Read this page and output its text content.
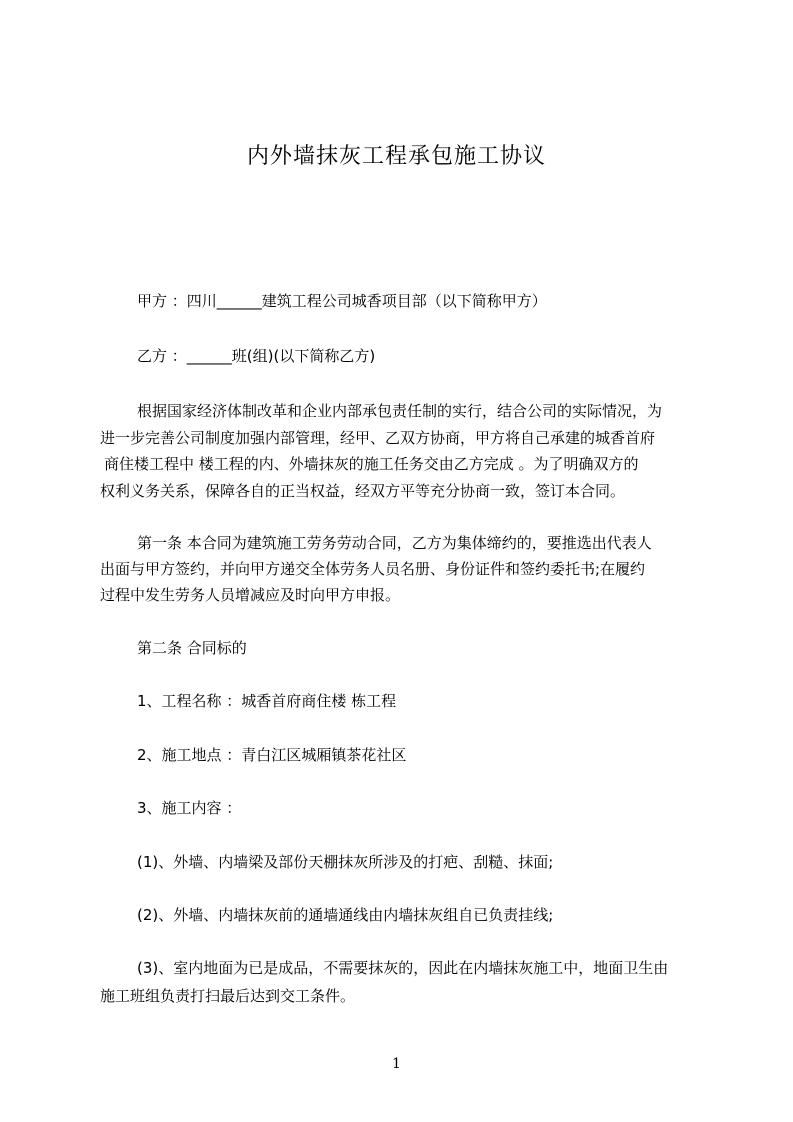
内外墙抹灰工程承包施工协议
甲方 ：四川______建筑工程公司城香项目部（以下简称甲方）
乙方 ：______班(组)(以下简称乙方)
根据国家经济体制改革和企业内部承包责任制的实行，结合公司的实际情况，为
进一步完善公司制度加强内部管理，经甲、乙双方协商，甲方将自己承建的城香首府
商住楼工程中 楼工程的内、外墙抹灰的施工任务交由乙方完成 。为了明确双方的
权利义务关系，保障各自的正当权益，经双方平等充分协商一致，签订本合同。
第一条 本合同为建筑施工劳务劳动合同，乙方为集体缔约的，要推选出代表人
出面与甲方签约，并向甲方递交全体劳务人员名册、身份证件和签约委托书;在履约
过程中发生劳务人员增减应及时向甲方申报。
第二条 合同标的
1、工程名称 ：城香首府商住楼 栋工程
2、施工地点 ：青白江区城厢镇茶花社区
3、施工内容 ：
(1)、外墙、内墙梁及部份天棚抹灰所涉及的打疤、刮糙、抹面;
(2)、外墙、内墙抹灰前的通墙通线由内墙抹灰组自已负责挂线;
(3)、室内地面为已是成品，不需要抹灰的，因此在内墙抹灰施工中，地面卫生由
施工班组负责打扫最后达到交工条件。
1
